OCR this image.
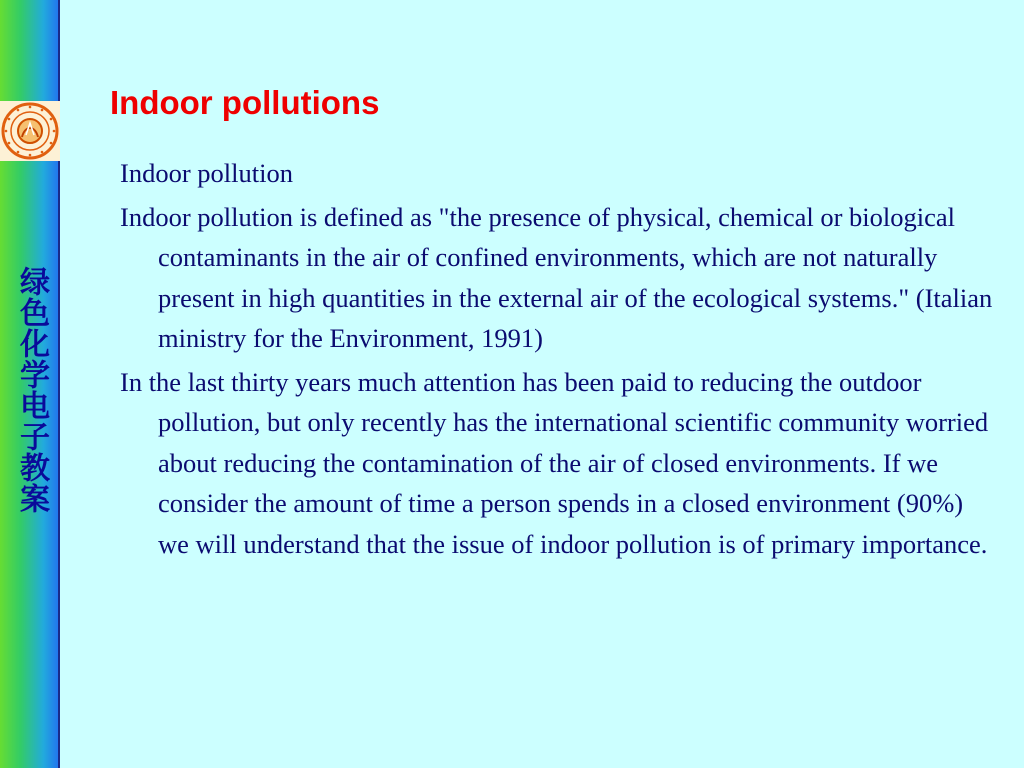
绿色化学电子教案
Indoor pollutions

Indoor pollution

Indoor pollution is defined as "the presence of physical, chemical or biological contaminants in the air of confined environments, which are not naturally present in high quantities in the external air of the ecological systems." (Italian ministry for the Environment, 1991)

In the last thirty years much attention has been paid to reducing the outdoor pollution, but only recently has the international scientific community worried about reducing the contamination of the air of closed environments. If we consider the amount of time a person spends in a closed environment (90%) we will understand that the issue of indoor pollution is of primary importance.
